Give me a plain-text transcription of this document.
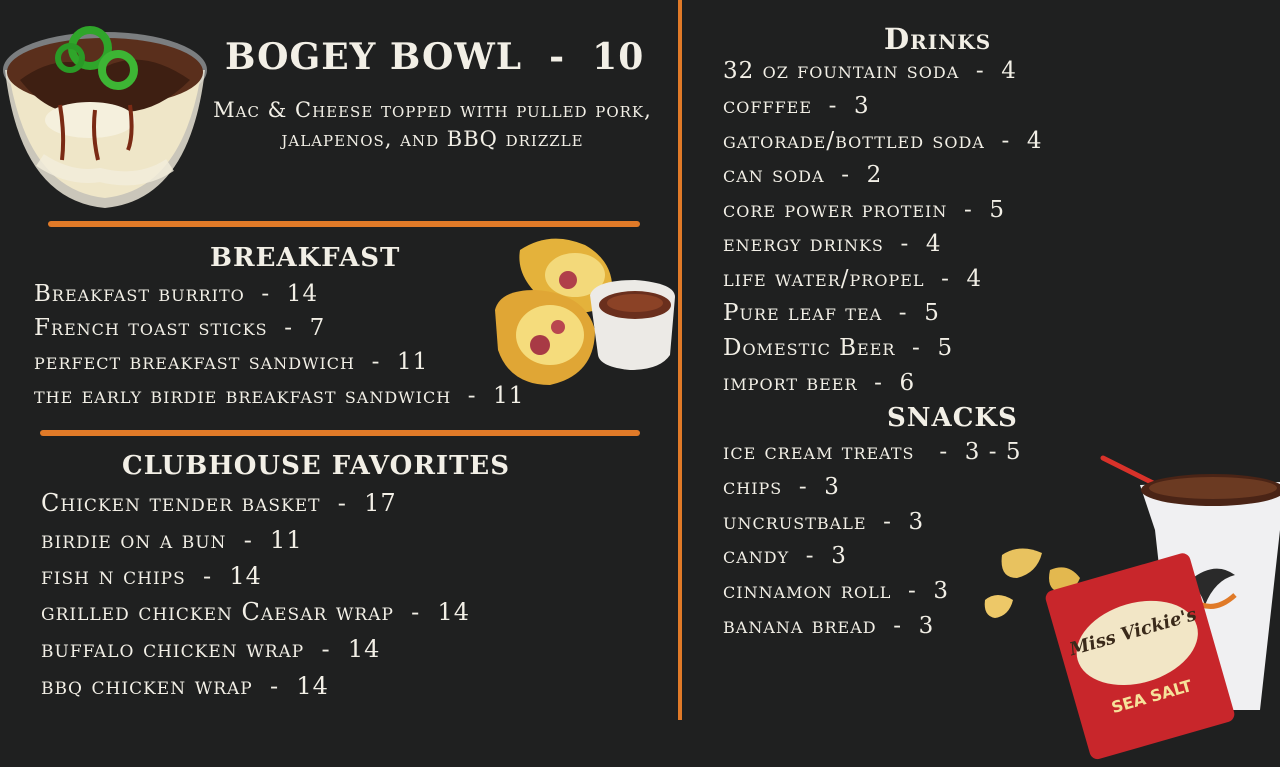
BOGEY BOWL  -  10
Mac & Cheese topped with pulled pork,
jalapenos, and BBQ drizzle
BREAKFAST
Breakfast burrito  -  14
French toast sticks  -  7
perfect breakfast sandwich  -  11
the early birdie breakfast sandwich  -  11
CLUBHOUSE FAVORITES
Chicken tender basket  -  17
birdie on a bun  -  11
fish n chips  -  14
grilled chicken Caesar wrap  -  14
buffalo chicken wrap  -  14
bbq chicken wrap  -  14
Drinks
32 oz fountain soda  -  4
cofffee  -  3
gatorade/bottled soda  -  4
can soda  -  2
core power protein  -  5
energy drinks  -  4
life water/propel  -  4
Pure leaf tea  -  5
Domestic Beer  -  5
import beer  -  6
SNACKS
ice cream treats   -  3 - 5
chips  -  3
uncrustbale  -  3
candy  -  3
cinnamon roll  -  3
banana bread  -  3	Miss Vickie's
SEA SALT
